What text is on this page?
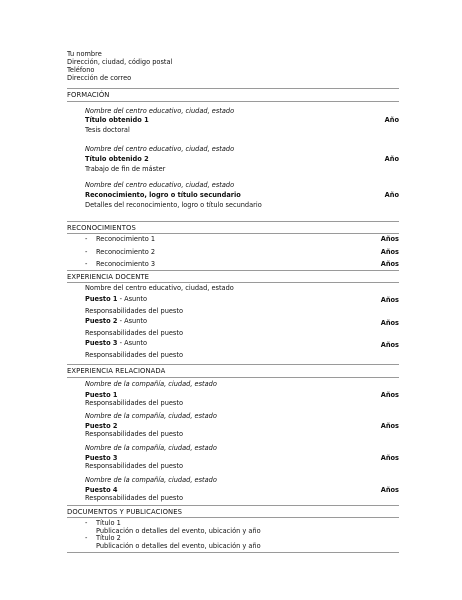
Tu nombre
Dirección, ciudad, código postal
Teléfono
Dirección de correo
FORMACIÓN
Nombre del centro educativo, ciudad, estado
Título obtenido 1	Año
Tesis doctoral
Nombre del centro educativo, ciudad, estado
Título obtenido 2	Año
Trabajo de fin de máster
Nombre del centro educativo, ciudad, estado
Reconocimiento, logro o título secundario	Año
Detalles del reconocimiento, logro o título secundario
RECONOCIMIENTOS
- Reconocimiento 1	Años
- Reconocimiento 2	Años
- Reconocimiento 3	Años
EXPERIENCIA DOCENTE
Nombre del centro educativo, ciudad, estado
Puesto 1 - Asunto	Años
Responsabilidades del puesto
Puesto 2 - Asunto	Años
Responsabilidades del puesto
Puesto 3 - Asunto	Años
Responsabilidades del puesto
EXPERIENCIA RELACIONADA
Nombre de la compañía, ciudad, estado
Puesto 1	Años
Responsabilidades del puesto
Nombre de la compañía, ciudad, estado
Puesto 2	Años
Responsabilidades del puesto
Nombre de la compañía, ciudad, estado
Puesto 3	Años
Responsabilidades del puesto
Nombre de la compañía, ciudad, estado
Puesto 4	Años
Responsabilidades del puesto
DOCUMENTOS Y PUBLICACIONES
- Título 1
Publicación o detalles del evento, ubicación y año
- Título 2
Publicación o detalles del evento, ubicación y año
